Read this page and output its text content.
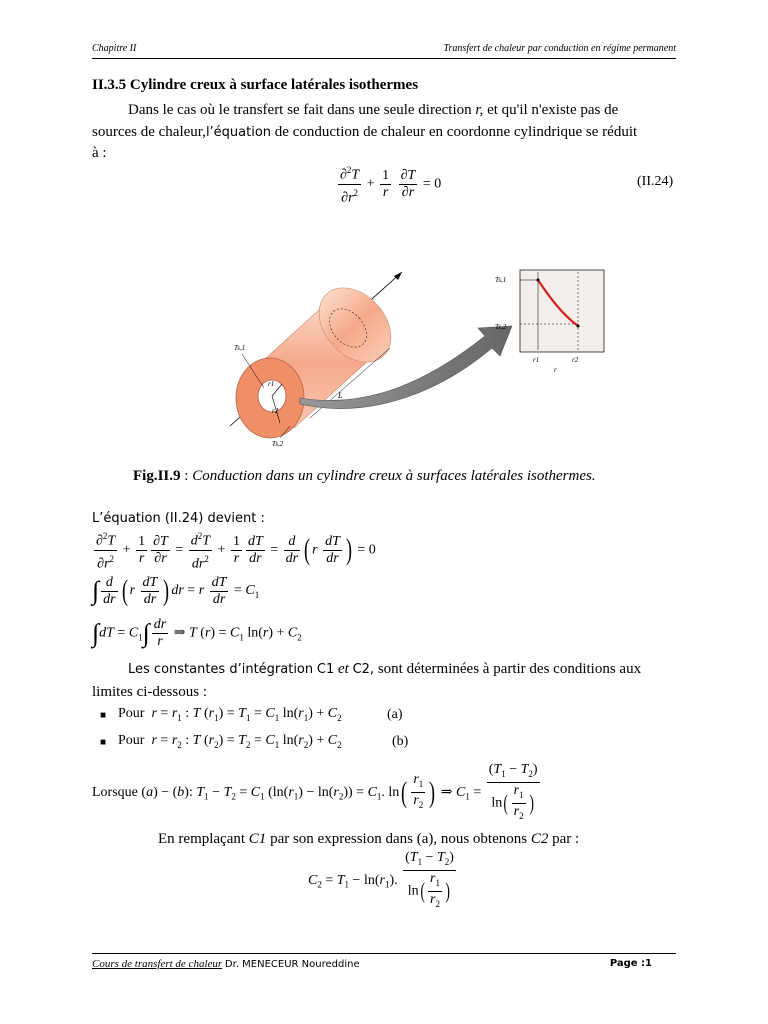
Chapitre II	Transfert de chaleur par conduction en régime permanent
II.3.5 Cylindre creux à surface latérales isothermes
Dans le cas où le transfert se fait dans une seule direction r, et qu'il n'existe pas de
sources de chaleur,l’équation de conduction de chaleur en coordonne cylindrique se réduit
à :
$\frac{\partial^2T}{\partial r^2} + \frac{1}{r}$
$\frac{\partial T}{\partial r} = 0$	(II.24)
r1
r2
Ts,1
Ts,2
L
Ts,1
Ts,2
r1	r2
r
Fig.II.9 : Conduction dans un cylindre creux à surfaces latérales isothermes.
L’équation (II.24) devient :
$\frac{\partial^2T}{\partial r^2} + \frac{1}{r} \frac{\partial T}{\partial r} = \frac{d^2T}{dr^2} + \frac{1}{r} \frac{dT}{dr} = \frac{d}{dr}$ ( r $\frac{dT}{dr}$ ) = 0
∫ $\frac{d}{dr}$ ( r $\frac{dT}{dr}$ ) dr = r $\frac{dT}{dr} = C_1$
$\int dT = C_1\int \frac{dr}{r}$ ⇒ T $(r) = C_1$ $\ln(r) + C_2$
Les constantes d’intégration C1 et C2, sont déterminées à partir des conditions aux
limites ci-dessous :
■ Pour $r = r_1$ : T $(r_1) = T_1 = C_1$ $\ln(r_1) + C_2$	(a)
■ Pour $r = r_2$ : T $(r_2) = T_2 = C_1$ $\ln(r_2) + C_2$	(b)
Lorsque (a) − (b): $T_1 - T_2 = C_1$ $(\ln(r_1) - \ln(r_2)) = C_1$. $\ln( \frac{r_1}{r_2}$ ) ⇒ $C_1 = \frac{(T_1 - T_2)}{\ln( \frac{r_1}{r_2} )}$
En remplaçant C1 par son expression dans (a), nous obtenons C2 par :
$C_2 = T_1 - \ln(r_1)$. $\frac{(T_1 - T_2)}{\ln( \frac{r_1}{r_2} )}$
Cours de transfert de chaleur Dr. MENECEUR Noureddine	Page :1
